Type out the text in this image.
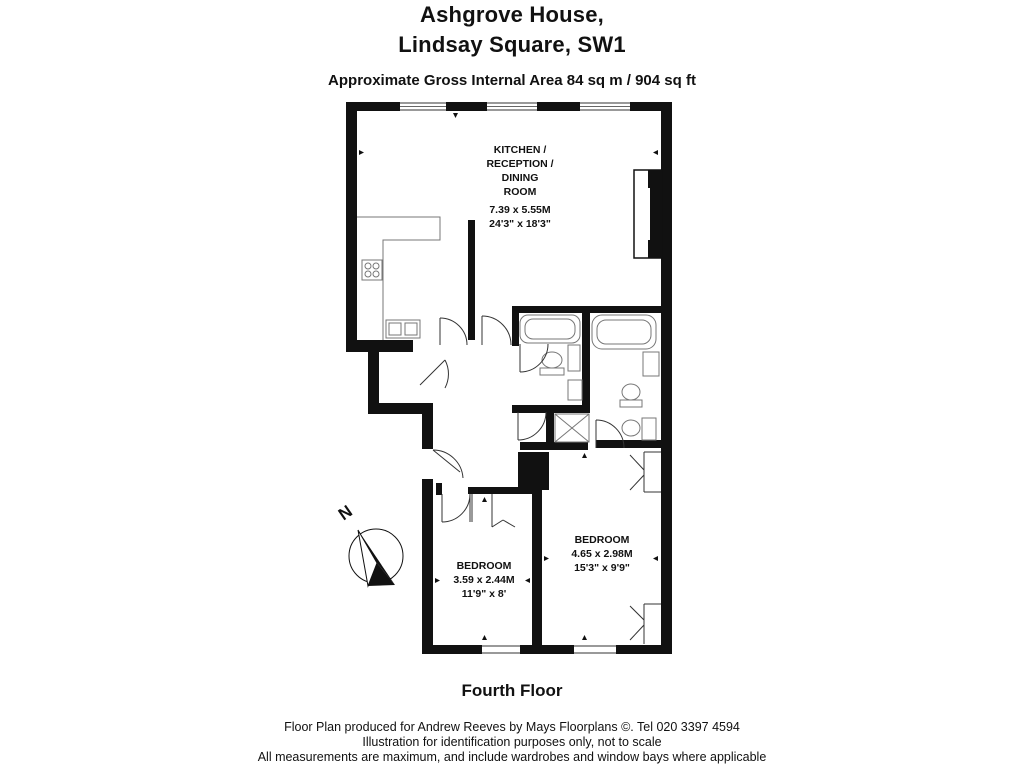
Ashgrove House,
Lindsay Square, SW1
Approximate Gross Internal Area 84 sq m / 904 sq ft
KITCHEN /
RECEPTION /
DINING
ROOM
7.39 x 5.55M
24'3" x 18'3"
BEDROOM
4.65 x 2.98M
15'3" x 9'9"
BEDROOM
3.59 x 2.44M
11'9" x 8'
N
Fourth Floor
Floor Plan produced for Andrew Reeves by Mays Floorplans ©. Tel 020 3397 4594
Illustration for identification purposes only, not to scale
All measurements are maximum, and include wardrobes and window bays where applicable
